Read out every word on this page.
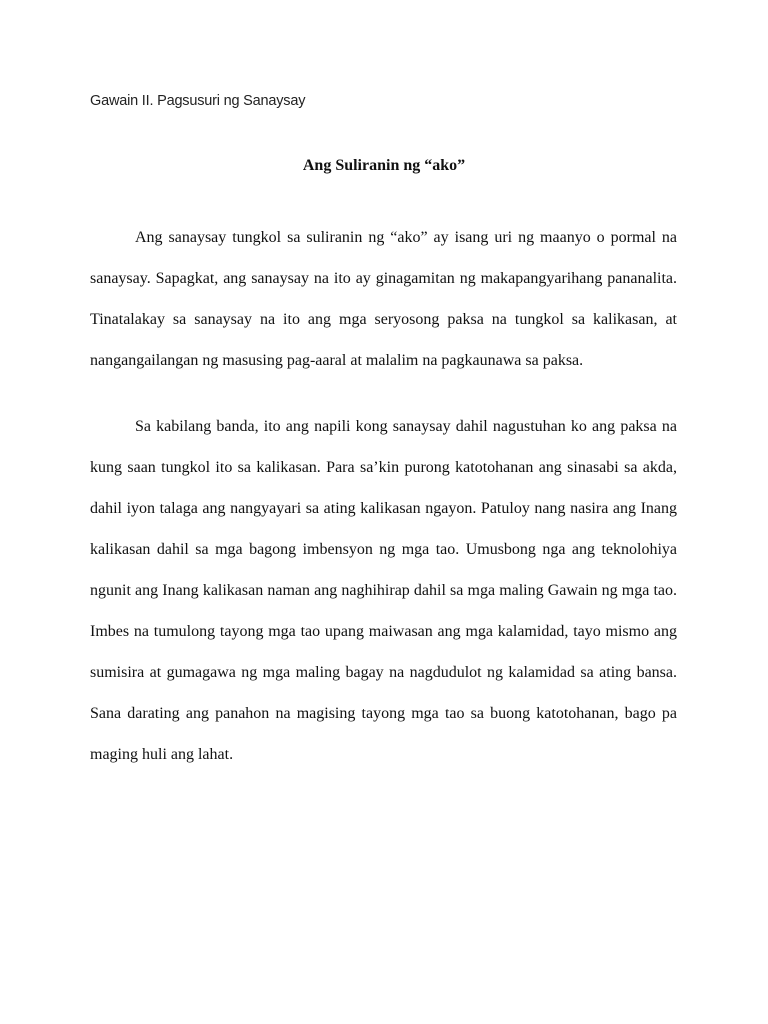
Gawain II. Pagsusuri ng Sanaysay
Ang Suliranin ng “ako”

Ang sanaysay tungkol sa suliranin ng “ako” ay isang uri ng maanyo o pormal na sanaysay. Sapagkat, ang sanaysay na ito ay ginagamitan ng makapangyarihang pananalita. Tinatalakay sa sanaysay na ito ang mga seryosong paksa na tungkol sa kalikasan, at nangangailangan ng masusing pag-aaral at malalim na pagkaunawa sa paksa.

Sa kabilang banda, ito ang napili kong sanaysay dahil nagustuhan ko ang paksa na kung saan tungkol ito sa kalikasan. Para sa’kin purong katotohanan ang sinasabi sa akda, dahil iyon talaga ang nangyayari sa ating kalikasan ngayon. Patuloy nang nasira ang Inang kalikasan dahil sa mga bagong imbensyon ng mga tao. Umusbong nga ang teknolohiya ngunit ang Inang kalikasan naman ang naghihirap dahil sa mga maling Gawain ng mga tao. Imbes na tumulong tayong mga tao upang maiwasan ang mga kalamidad, tayo mismo ang sumisira at gumagawa ng mga maling bagay na nagdudulot ng kalamidad sa ating bansa. Sana darating ang panahon na magising tayong mga tao sa buong katotohanan, bago pa maging huli ang lahat.
